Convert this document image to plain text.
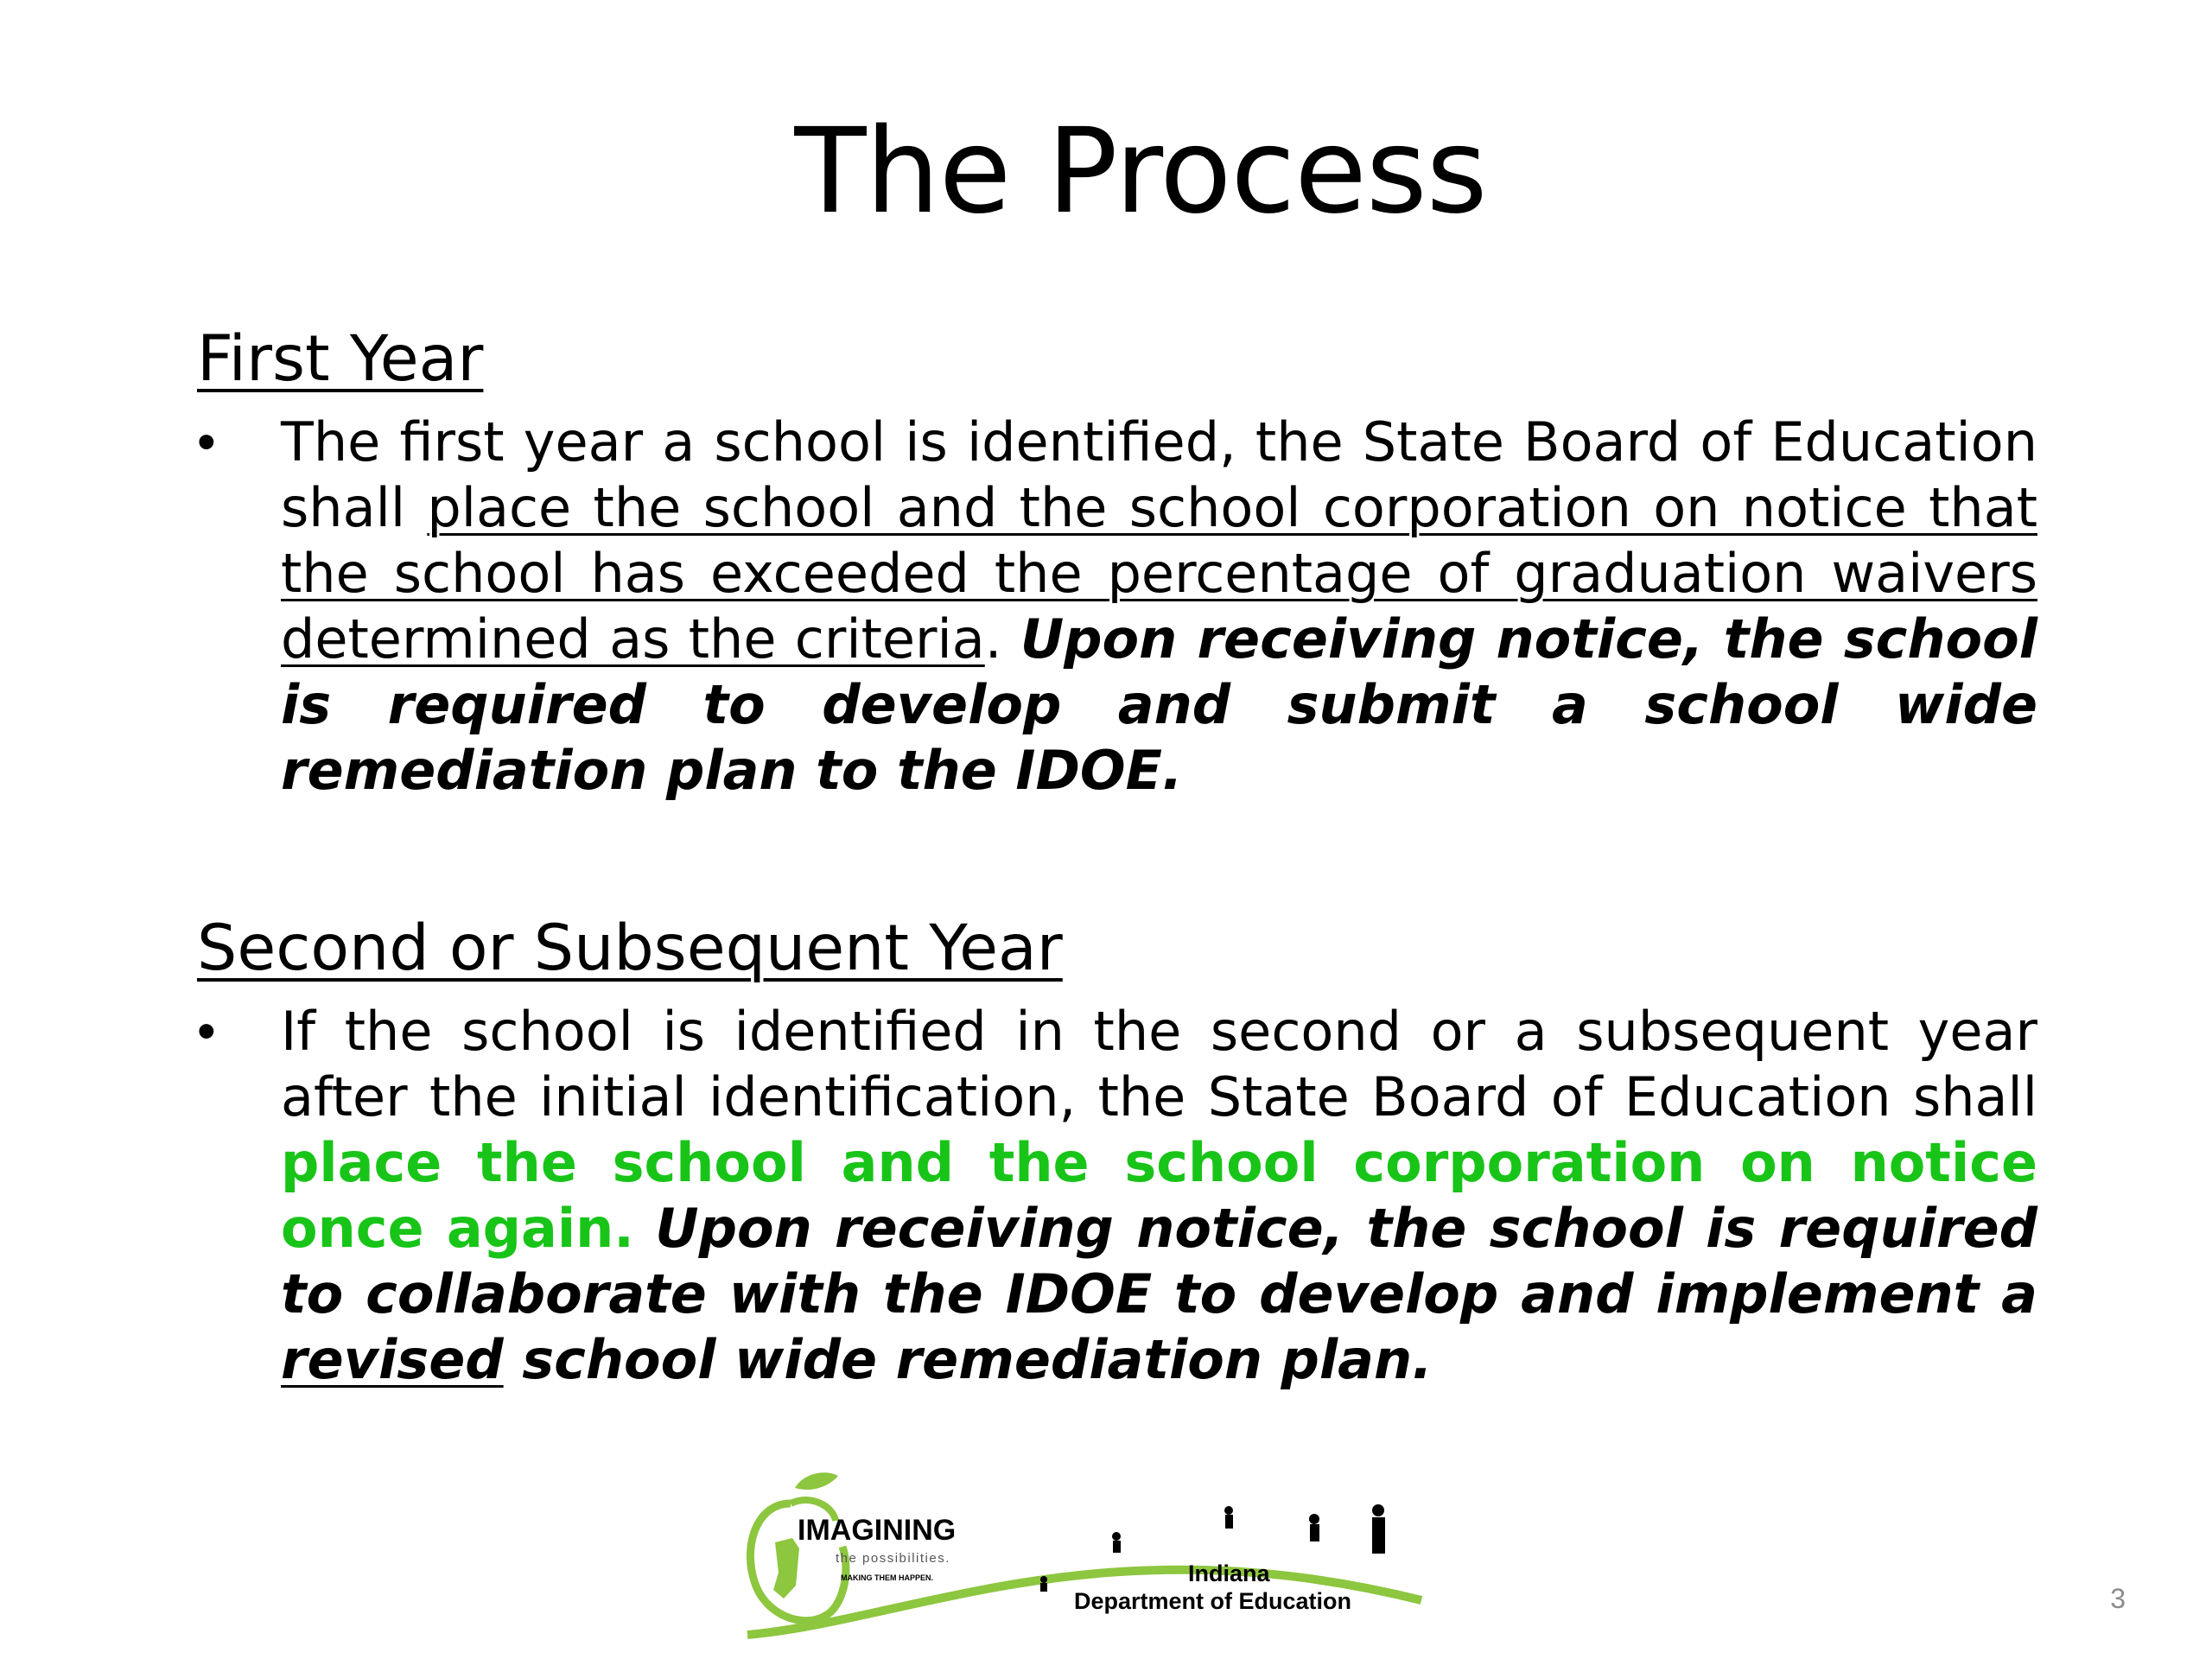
The Process
First Year
•	The first year a school is identified, the State Board of Education shall place the school and the school corporation on notice that the school has exceeded the percentage of graduation waivers determined as the criteria. Upon receiving notice, the school is required to develop and submit a school wide remediation plan to the IDOE.
Second or Subsequent Year
•	If the school is identified in the second or a subsequent year after the initial identification, the State Board of Education shall place the school and the school corporation on notice once again. Upon receiving notice, the school is required to collaborate with the IDOE to develop and implement a revised school wide remediation plan.
IMAGINING
the possibilities.
MAKING THEM HAPPEN.	Indiana
Department of Education	3
